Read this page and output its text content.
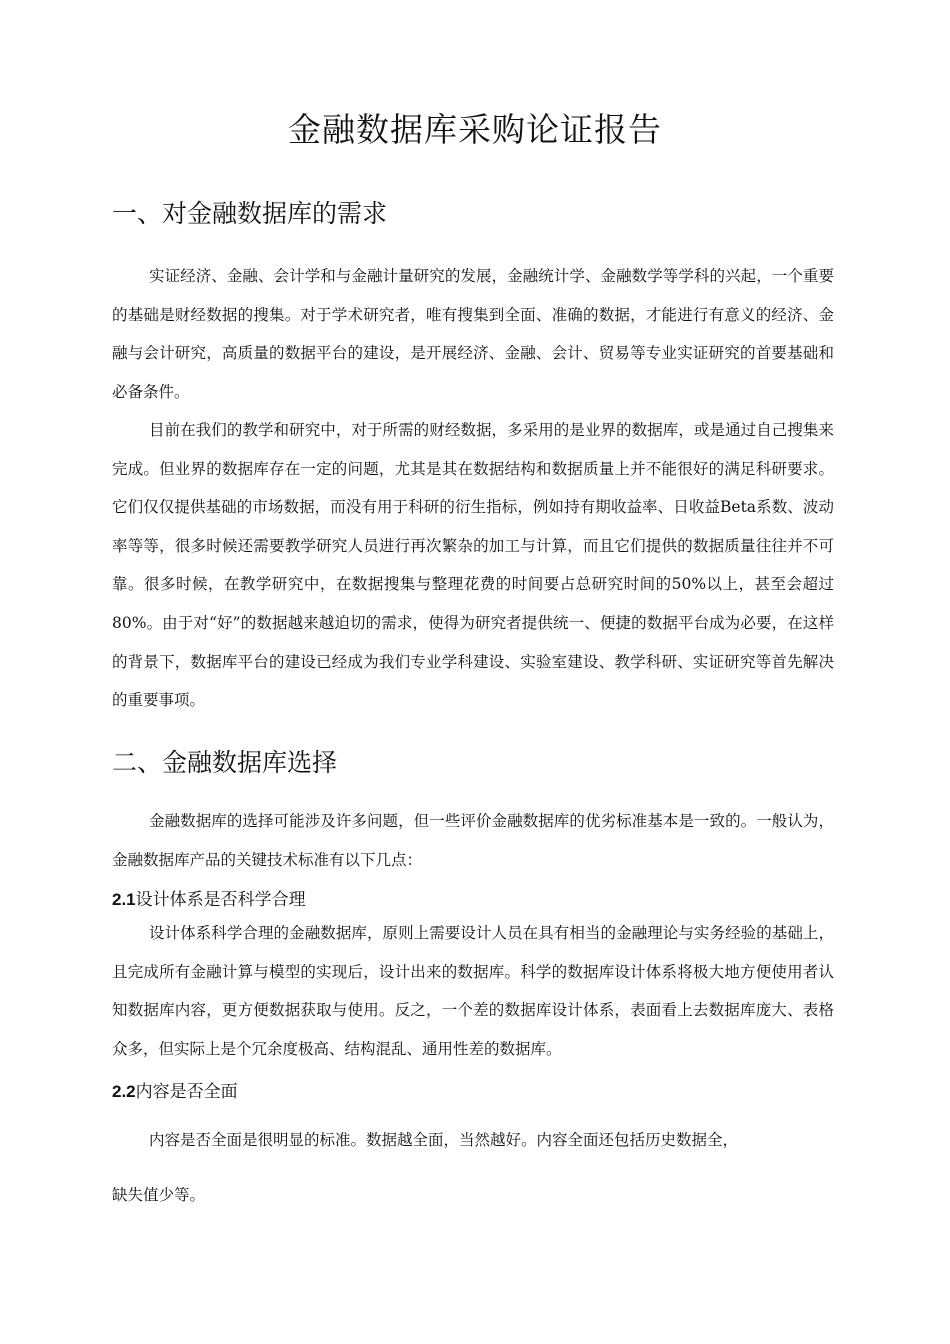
金融数据库采购论证报告
一、对金融数据库的需求

实证经济、金融、会计学和与金融计量研究的发展，金融统计学、金融数学等学科的兴起，一个重要的基础是财经数据的搜集。对于学术研究者，唯有搜集到全面、准确的数据，才能进行有意义的经济、金融与会计研究，高质量的数据平台的建设，是开展经济、金融、会计、贸易等专业实证研究的首要基础和必备条件。

目前在我们的教学和研究中，对于所需的财经数据，多采用的是业界的数据库，或是通过自己搜集来完成。但业界的数据库存在一定的问题，尤其是其在数据结构和数据质量上并不能很好的满足科研要求。它们仅仅提供基础的市场数据，而没有用于科研的衍生指标，例如持有期收益率、日收益Beta系数、波动率等等，很多时候还需要教学研究人员进行再次繁杂的加工与计算，而且它们提供的数据质量往往并不可靠。很多时候，在教学研究中，在数据搜集与整理花费的时间要占总研究时间的50%以上，甚至会超过80%。由于对“好”的数据越来越迫切的需求，使得为研究者提供统一、便捷的数据平台成为必要，在这样的背景下，数据库平台的建设已经成为我们专业学科建设、实验室建设、教学科研、实证研究等首先解决的重要事项。

二、金融数据库选择

金融数据库的选择可能涉及许多问题，但一些评价金融数据库的优劣标准基本是一致的。一般认为，金融数据库产品的关键技术标准有以下几点：

2.1设计体系是否科学合理

设计体系科学合理的金融数据库，原则上需要设计人员在具有相当的金融理论与实务经验的基础上，且完成所有金融计算与模型的实现后，设计出来的数据库。科学的数据库设计体系将极大地方便使用者认知数据库内容，更方便数据获取与使用。反之，一个差的数据库设计体系，表面看上去数据库庞大、表格众多，但实际上是个冗余度极高、结构混乱、通用性差的数据库。

2.2内容是否全面

内容是否全面是很明显的标准。数据越全面，当然越好。内容全面还包括历史数据全，

缺失值少等。
